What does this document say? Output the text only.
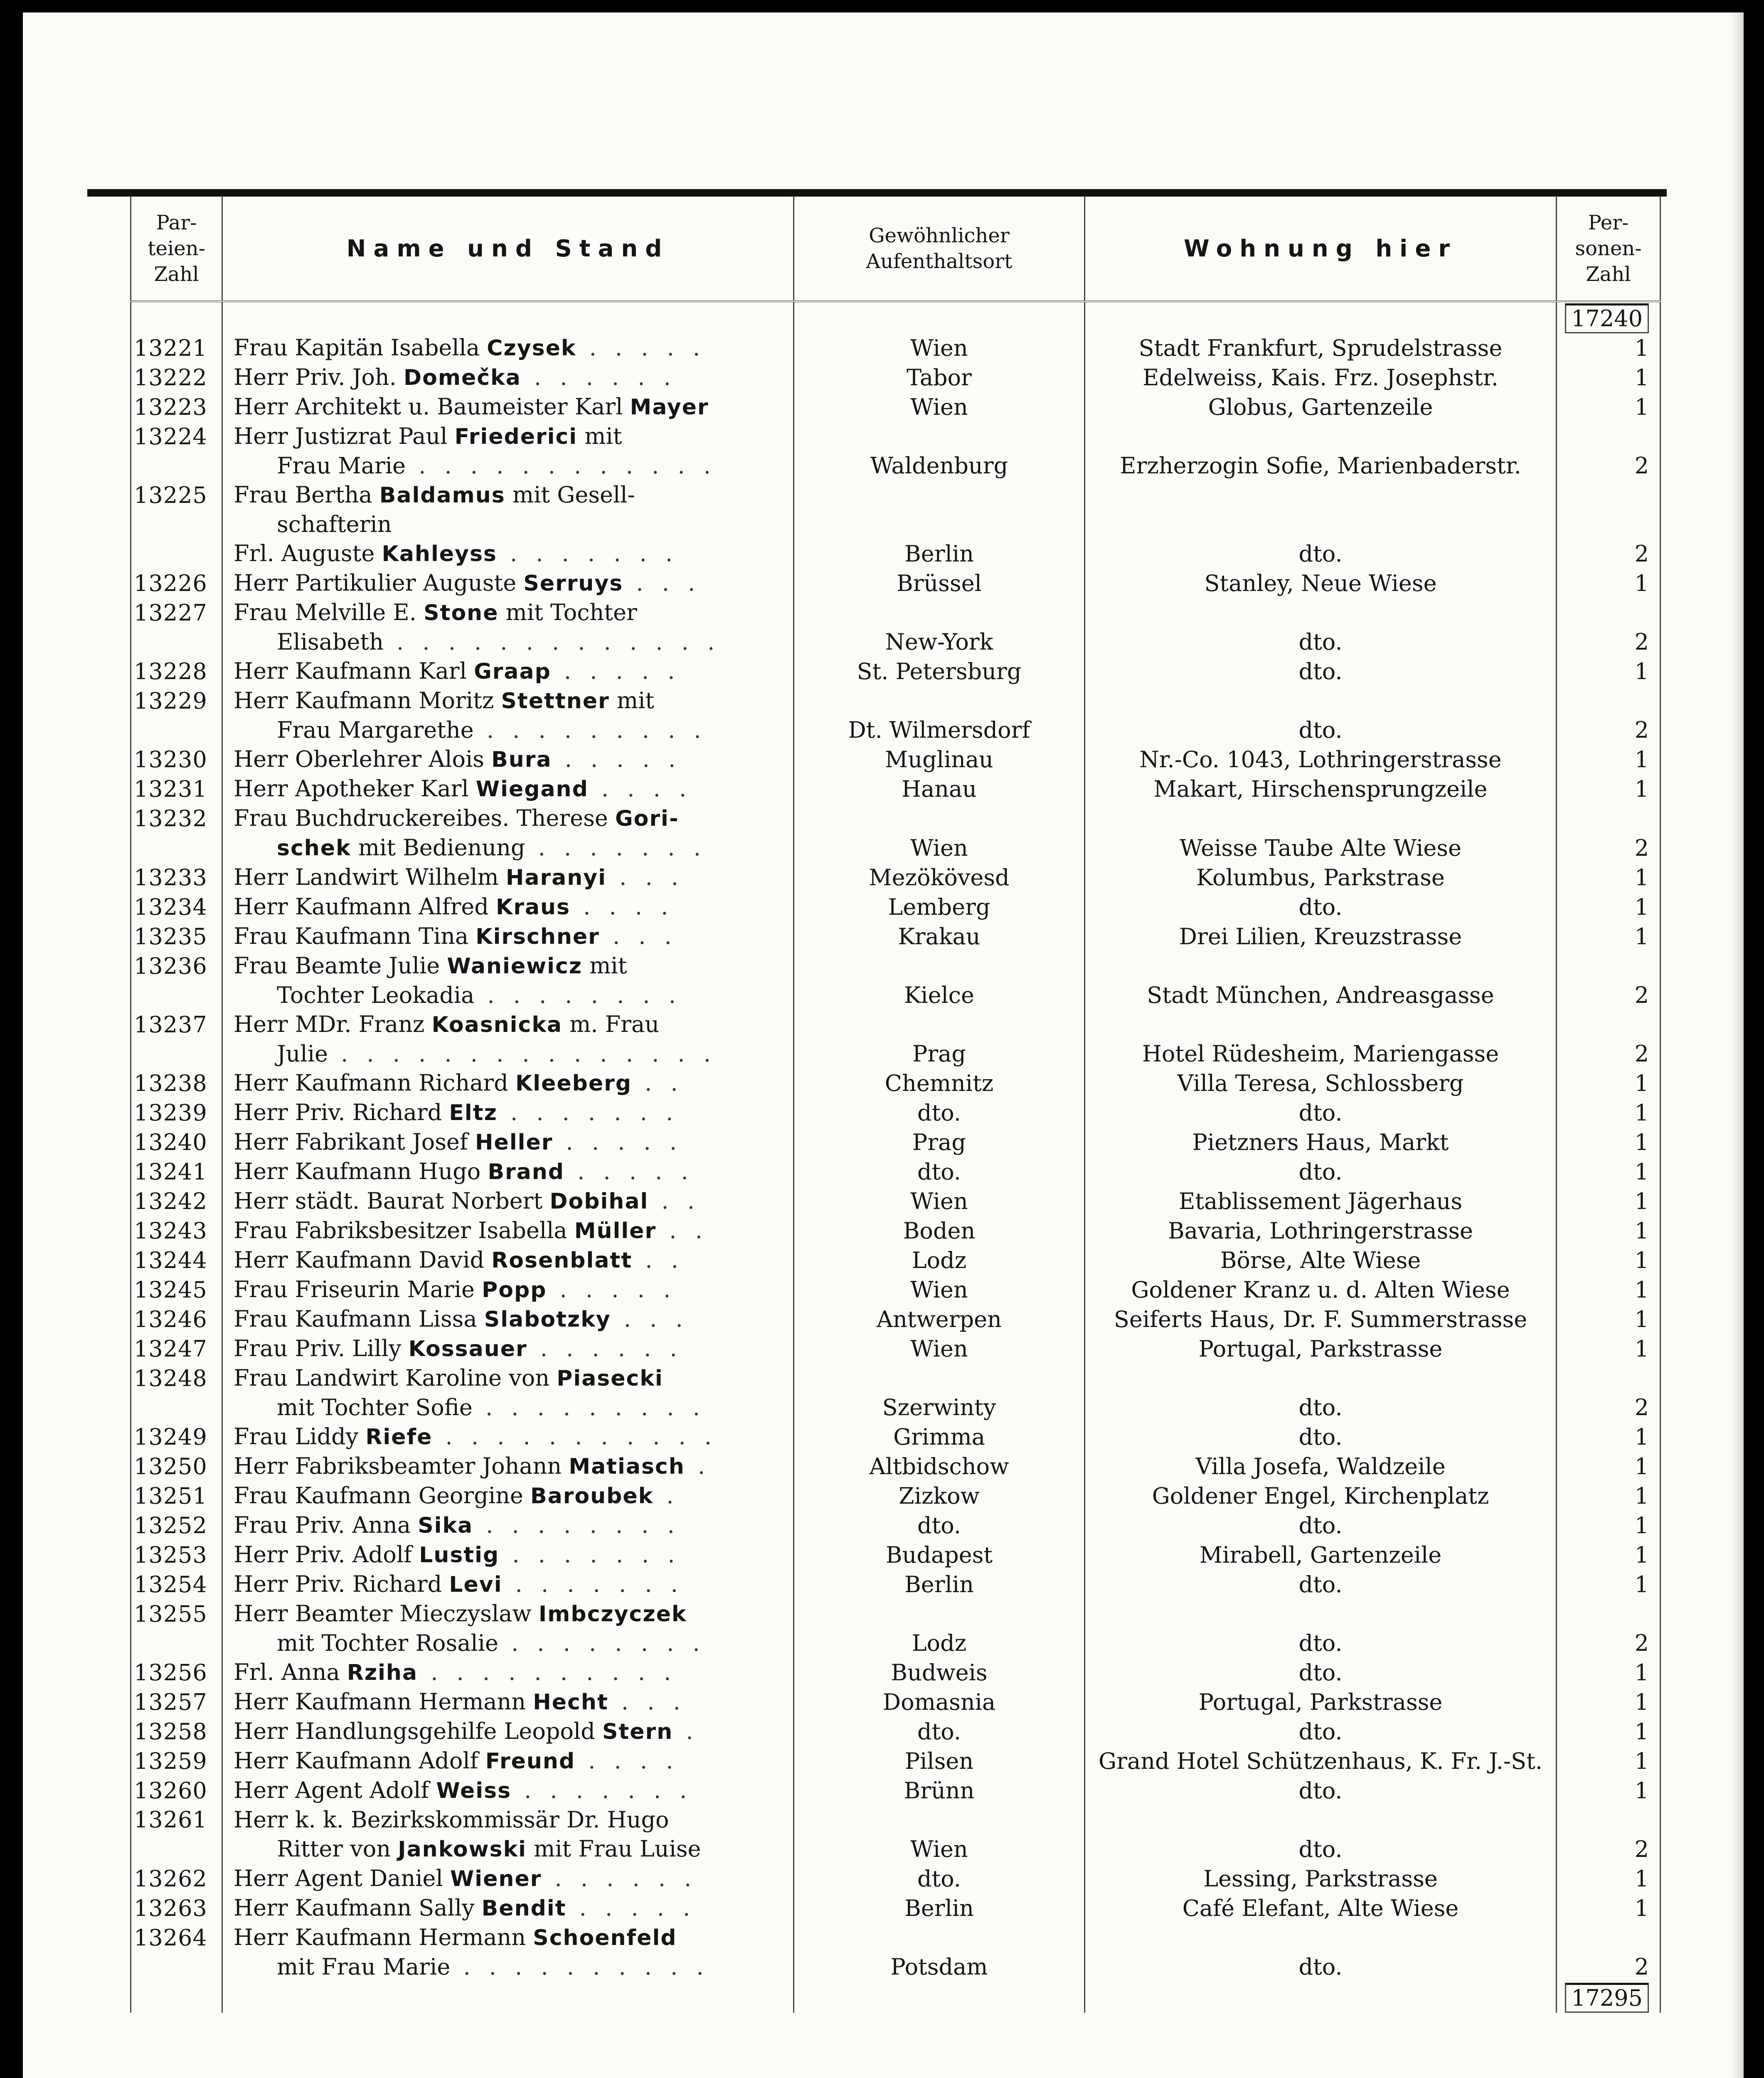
Par-
teien-
Zahl	Name und Stand	Gewöhnlicher
Aufenthaltsort	Wohnung hier	Per-
sonen-
Zahl
				17240
13221	Frau Kapitän Isabella Czysek . . . . .	Wien	Stadt Frankfurt, Sprudelstrasse	1
13222	Herr Priv. Joh. Domečka . . . . . .	Tabor	Edelweiss, Kais. Frz. Josephstr.	1
13223	Herr Architekt u. Baumeister Karl Mayer	Wien	Globus, Gartenzeile	1
13224	Herr Justizrat Paul Friederici mit			
	Frau Marie . . . . . . . . . . . .	Waldenburg	Erzherzogin Sofie, Marienbaderstr.	2
13225	Frau Bertha Baldamus mit Gesell-			
	schafterin			
	Frl. Auguste Kahleyss . . . . . . .	Berlin	dto.	2
13226	Herr Partikulier Auguste Serruys . . .	Brüssel	Stanley, Neue Wiese	1
13227	Frau Melville E. Stone mit Tochter			
	Elisabeth . . . . . . . . . . . . .	New-York	dto.	2
13228	Herr Kaufmann Karl Graap . . . . .	St. Petersburg	dto.	1
13229	Herr Kaufmann Moritz Stettner mit			
	Frau Margarethe . . . . . . . . .	Dt. Wilmersdorf	dto.	2
13230	Herr Oberlehrer Alois Bura . . . . .	Muglinau	Nr.-Co. 1043, Lothringerstrasse	1
13231	Herr Apotheker Karl Wiegand . . . .	Hanau	Makart, Hirschensprungzeile	1
13232	Frau Buchdruckereibes. Therese Gori-			
	schek mit Bedienung . . . . . . .	Wien	Weisse Taube Alte Wiese	2
13233	Herr Landwirt Wilhelm Haranyi . . .	Mezökövesd	Kolumbus, Parkstrase	1
13234	Herr Kaufmann Alfred Kraus . . . .	Lemberg	dto.	1
13235	Frau Kaufmann Tina Kirschner . . .	Krakau	Drei Lilien, Kreuzstrasse	1
13236	Frau Beamte Julie Waniewicz mit			
	Tochter Leokadia . . . . . . . .	Kielce	Stadt München, Andreasgasse	2
13237	Herr MDr. Franz Koasnicka m. Frau			
	Julie . . . . . . . . . . . . . . .	Prag	Hotel Rüdesheim, Mariengasse	2
13238	Herr Kaufmann Richard Kleeberg . .	Chemnitz	Villa Teresa, Schlossberg	1
13239	Herr Priv. Richard Eltz . . . . . . .	dto.	dto.	1
13240	Herr Fabrikant Josef Heller . . . . .	Prag	Pietzners Haus, Markt	1
13241	Herr Kaufmann Hugo Brand . . . . .	dto.	dto.	1
13242	Herr städt. Baurat Norbert Dobihal . .	Wien	Etablissement Jägerhaus	1
13243	Frau Fabriksbesitzer Isabella Müller . .	Boden	Bavaria, Lothringerstrasse	1
13244	Herr Kaufmann David Rosenblatt . .	Lodz	Börse, Alte Wiese	1
13245	Frau Friseurin Marie Popp . . . . .	Wien	Goldener Kranz u. d. Alten Wiese	1
13246	Frau Kaufmann Lissa Slabotzky . . .	Antwerpen	Seiferts Haus, Dr. F. Summerstrasse	1
13247	Frau Priv. Lilly Kossauer . . . . . .	Wien	Portugal, Parkstrasse	1
13248	Frau Landwirt Karoline von Piasecki			
	mit Tochter Sofie . . . . . . . . .	Szerwinty	dto.	2
13249	Frau Liddy Riefe . . . . . . . . . . .	Grimma	dto.	1
13250	Herr Fabriksbeamter Johann Matiasch .	Altbidschow	Villa Josefa, Waldzeile	1
13251	Frau Kaufmann Georgine Baroubek .	Zizkow	Goldener Engel, Kirchenplatz	1
13252	Frau Priv. Anna Sika . . . . . . . .	dto.	dto.	1
13253	Herr Priv. Adolf Lustig . . . . . . .	Budapest	Mirabell, Gartenzeile	1
13254	Herr Priv. Richard Levi . . . . . . .	Berlin	dto.	1
13255	Herr Beamter Mieczyslaw Imbczyczek			
	mit Tochter Rosalie . . . . . . . .	Lodz	dto.	2
13256	Frl. Anna Rziha . . . . . . . . . .	Budweis	dto.	1
13257	Herr Kaufmann Hermann Hecht . . .	Domasnia	Portugal, Parkstrasse	1
13258	Herr Handlungsgehilfe Leopold Stern .	dto.	dto.	1
13259	Herr Kaufmann Adolf Freund . . . .	Pilsen	Grand Hotel Schützenhaus, K. Fr. J.-St.	1
13260	Herr Agent Adolf Weiss . . . . . . .	Brünn	dto.	1
13261	Herr k. k. Bezirkskommissär Dr. Hugo			
	Ritter von Jankowski mit Frau Luise	Wien	dto.	2
13262	Herr Agent Daniel Wiener . . . . . .	dto.	Lessing, Parkstrasse	1
13263	Herr Kaufmann Sally Bendit . . . . .	Berlin	Café Elefant, Alte Wiese	1
13264	Herr Kaufmann Hermann Schoenfeld			
	mit Frau Marie . . . . . . . . . .	Potsdam	dto.	2
				17295
